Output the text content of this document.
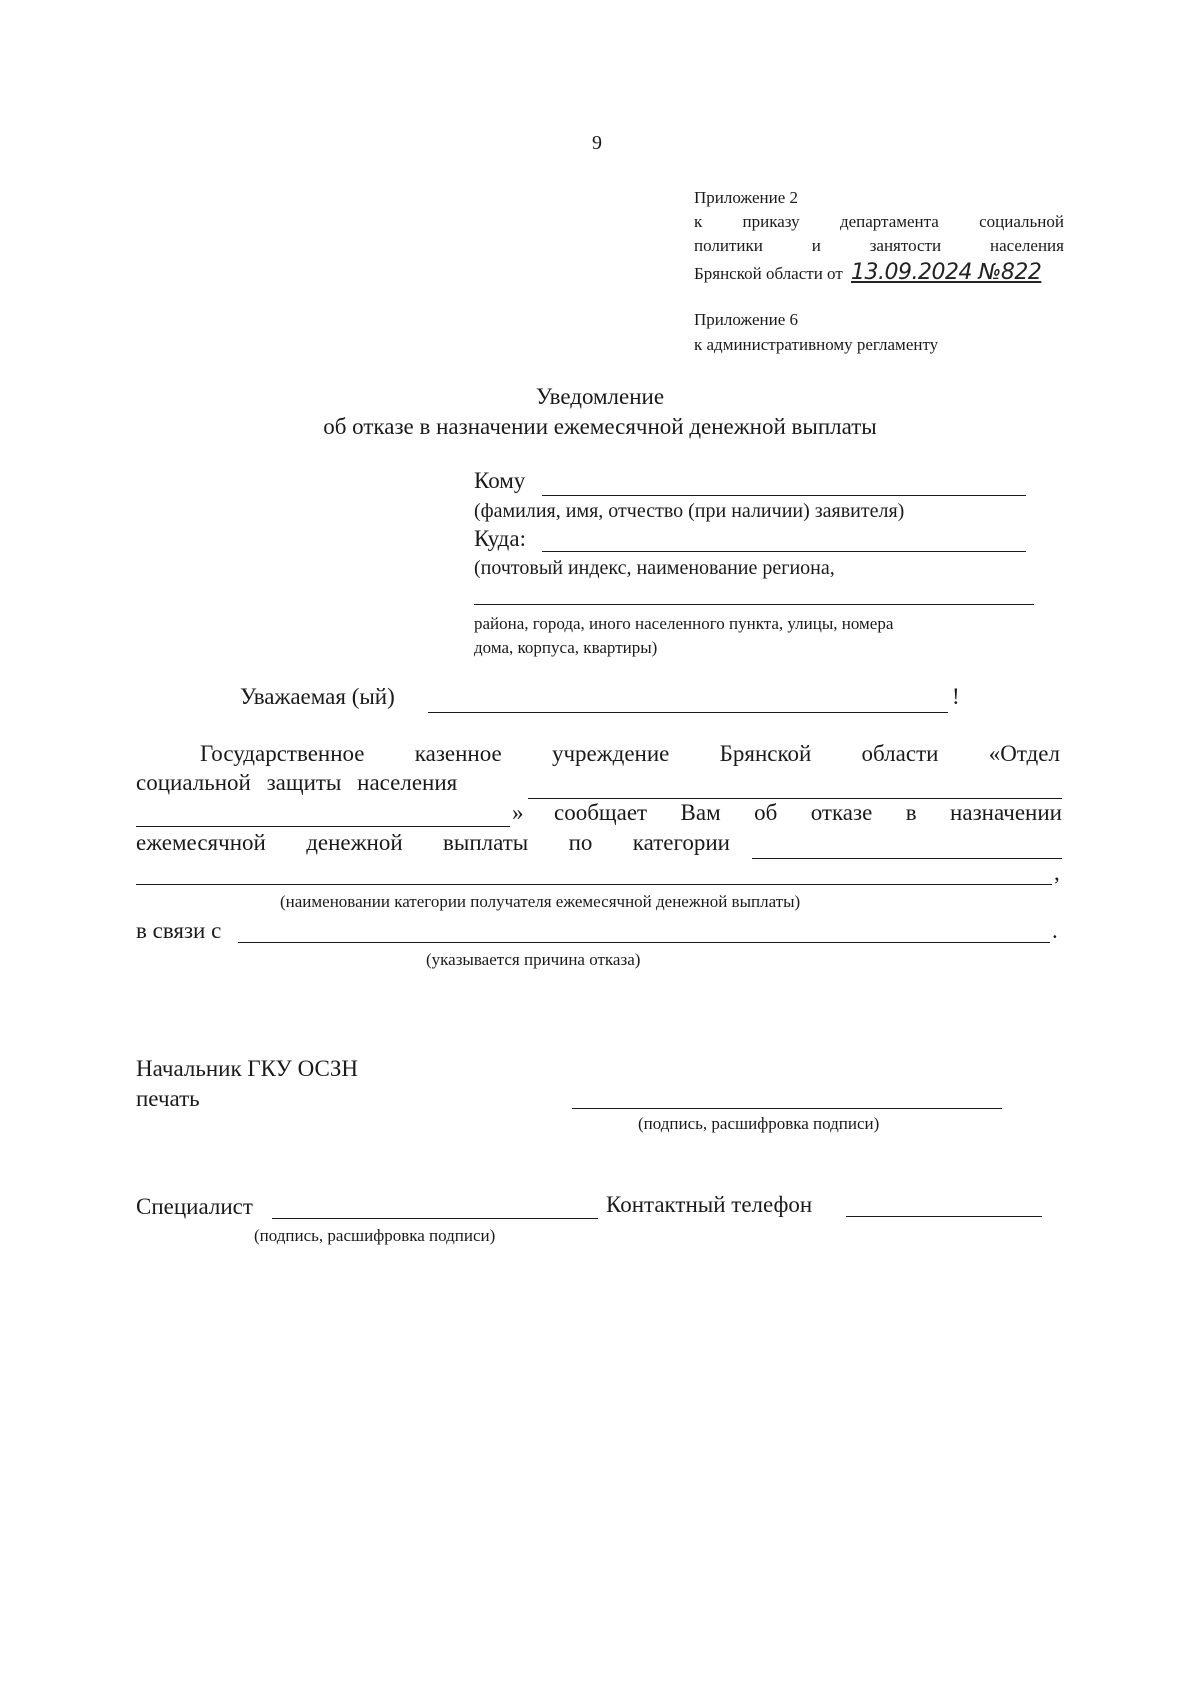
9
Приложение 2
к приказу департамента социальной
политики	и	занятости	населения
Брянской области от 13.09.2024 №822
Приложение 6
к административному регламенту
Уведомление
об отказе в назначении ежемесячной денежной выплаты
Кому
(фамилия, имя, отчество (при наличии) заявителя)
Куда:
(почтовый индекс, наименование региона,
района, города, иного населенного пункта, улицы, номера
дома, корпуса, квартиры)
Уважаемая (ый)	!
Государственное казенное учреждение Брянской области «Отдел
социальной защиты населения
» сообщает Вам об отказе в назначении
ежемесячной денежной выплаты по категории
,
(наименовании категории получателя ежемесячной денежной выплаты)
в связи с	.
(указывается причина отказа)
Начальник ГКУ ОСЗН
печать
(подпись, расшифровка подписи)
Специалист	Контактный телефон
(подпись, расшифровка подписи)
